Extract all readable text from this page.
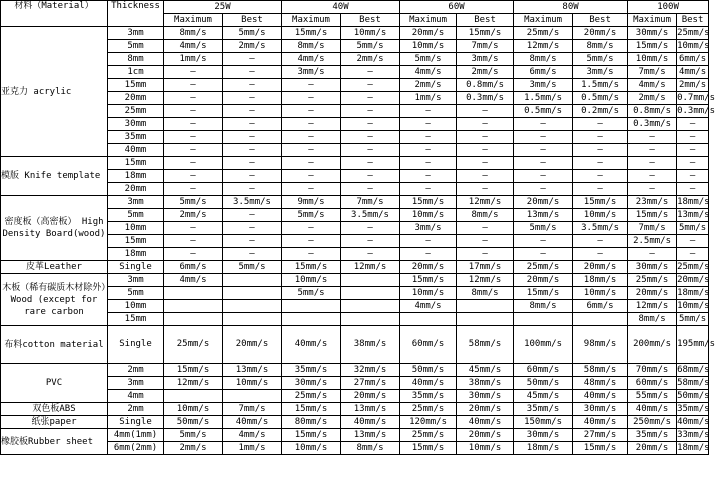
材料（Material）	Thickness	25W		40W		60W		80W		100W	
		Maximum	Best	Maximum	Best	Maximum	Best	Maximum	Best	Maximum	Best
亚克力 acrylic	3mm	8mm/s	5mm/s	15mm/s	10mm/s	20mm/s	15mm/s	25mm/s	20mm/s	30mm/s	25mm/s
	5mm	4mm/s	2mm/s	8mm/s	5mm/s	10mm/s	7mm/s	12mm/s	8mm/s	15mm/s	10mm/s
	8mm	1mm/s	—	4mm/s	2mm/s	5mm/s	3mm/s	8mm/s	5mm/s	10mm/s	6mm/s
	1cm	—	—	3mm/s	—	4mm/s	2mm/s	6mm/s	3mm/s	7mm/s	4mm/s
	15mm	—	—	—	—	2mm/s	0.8mm/s	3mm/s	1.5mm/s	4mm/s	2mm/s
	20mm	—	—	—	—	1mm/s	0.3mm/s	1.5mm/s	0.5mm/s	2mm/s	0.7mm/s
	25mm	—	—	—	—	—	—	0.5mm/s	0.2mm/s	0.8mm/s	0.3mm/s
	30mm	—	—	—	—	—	—	—	—	0.3mm/s	—
	35mm	—	—	—	—	—	—	—	—	—	—
	40mm	—	—	—	—	—	—	—	—	—	—
模版 Knife template	15mm	—	—	—	—	—	—	—	—	—	—
	18mm	—	—	—	—	—	—	—	—	—	—
	20mm	—	—	—	—	—	—	—	—	—	—
密度板（高密板） High Density Board(wood)	3mm	5mm/s	3.5mm/s	9mm/s	7mm/s	15mm/s	12mm/s	20mm/s	15mm/s	23mm/s	18mm/s
	5mm	2mm/s	—	5mm/s	3.5mm/s	10mm/s	8mm/s	13mm/s	10mm/s	15mm/s	13mm/s
	10mm	—	—	—	—	3mm/s	—	5mm/s	3.5mm/s	7mm/s	5mm/s
	15mm	—	—	—	—	—	—	—	—	2.5mm/s	—
	18mm	—	—	—	—	—	—	—	—	—	—
皮革Leather	Single	6mm/s	5mm/s	15mm/s	12mm/s	20mm/s	17mm/s	25mm/s	20mm/s	30mm/s	25mm/s
木板（稀有碳质木材除外）Wood (except for rare carbon	3mm	4mm/s		10mm/s		15mm/s	12mm/s	20mm/s	18mm/s	25mm/s	20mm/s
	5mm			5mm/s		10mm/s	8mm/s	15mm/s	10mm/s	20mm/s	18mm/s
	10mm					4mm/s		8mm/s	6mm/s	12mm/s	10mm/s
	15mm									8mm/s	5mm/s
布料cotton material	Single	25mm/s	20mm/s	40mm/s	38mm/s	60mm/s	58mm/s	100mm/s	98mm/s	200mm/s	195mm/s
PVC	2mm	15mm/s	13mm/s	35mm/s	32mm/s	50mm/s	45mm/s	60mm/s	58mm/s	70mm/s	68mm/s
	3mm	12mm/s	10mm/s	30mm/s	27mm/s	40mm/s	38mm/s	50mm/s	48mm/s	60mm/s	58mm/s
	4mm			25mm/s	20mm/s	35mm/s	30mm/s	45mm/s	40mm/s	55mm/s	50mm/s
双色板ABS	2mm	10mm/s	7mm/s	15mm/s	13mm/s	25mm/s	20mm/s	35mm/s	30mm/s	40mm/s	35mm/s
纸张paper	Single	50mm/s	40mm/s	80mm/s	40mm/s	120mm/s	40mm/s	150mm/s	40mm/s	250mm/s	40mm/s
橡胶板Rubber sheet	4mm(1mm)	5mm/s	4mm/s	15mm/s	13mm/s	25mm/s	20mm/s	30mm/s	27mm/s	35mm/s	33mm/s
	6mm(2mm)	2mm/s	1mm/s	10mm/s	8mm/s	15mm/s	10mm/s	18mm/s	15mm/s	20mm/s	18mm/s
